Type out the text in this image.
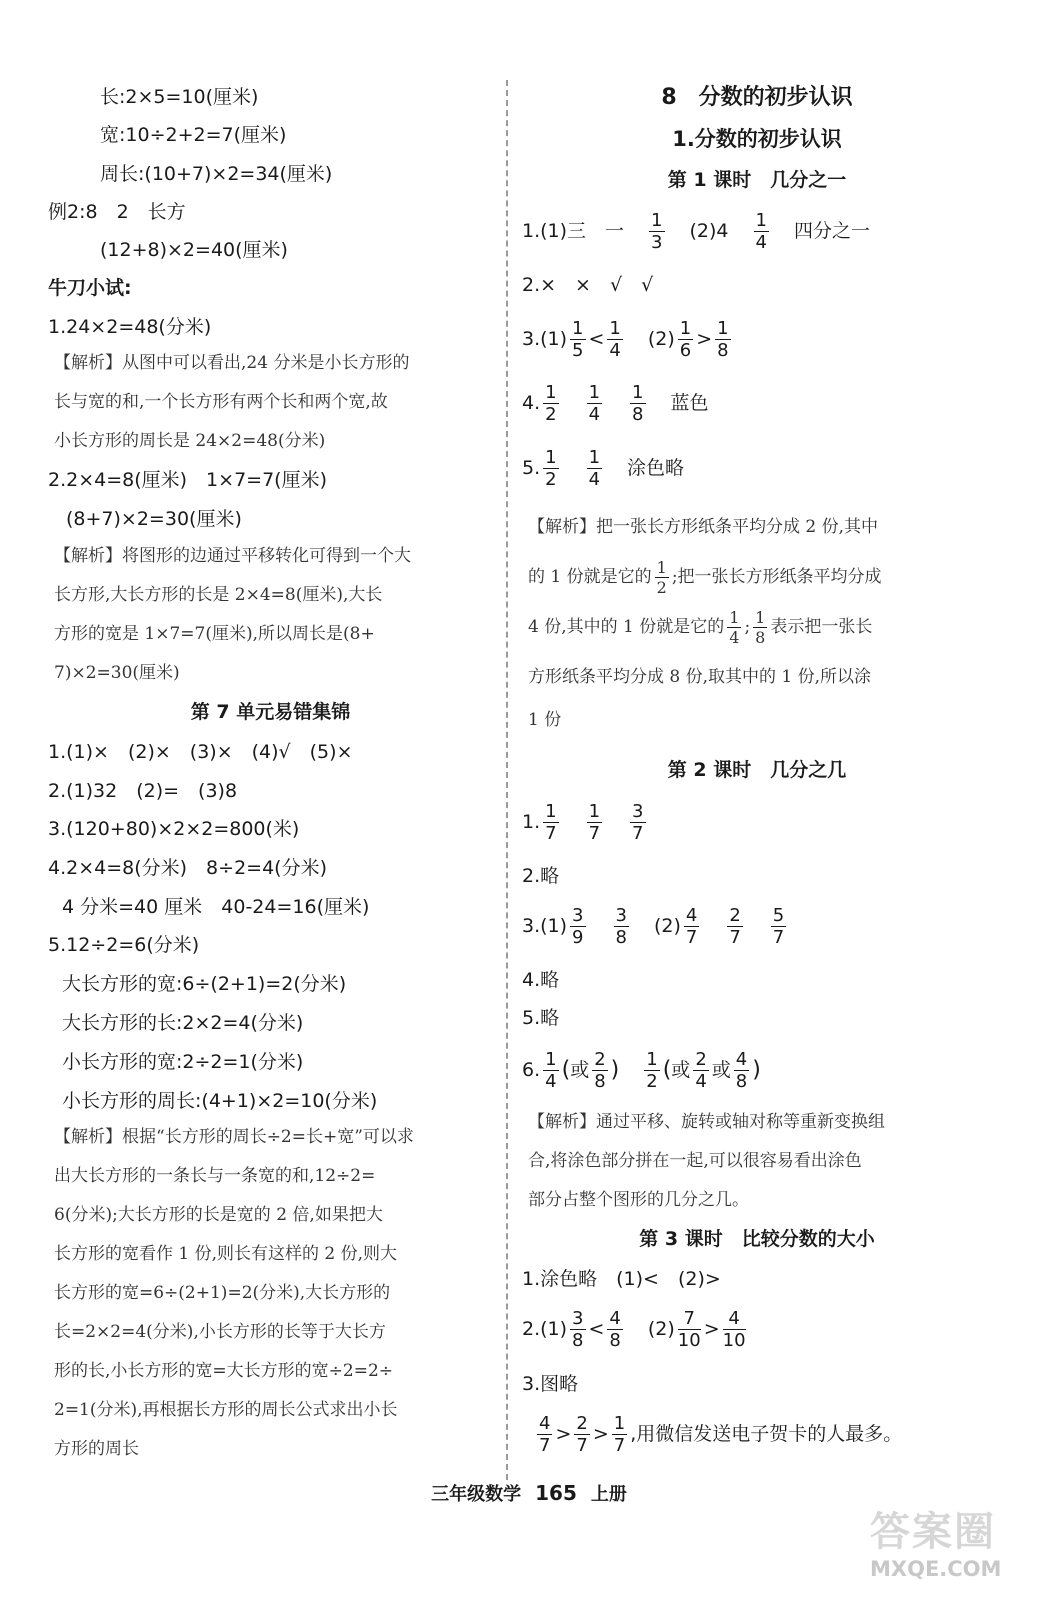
长:2×5=10(厘米)
宽:10÷2+2=7(厘米)
周长:(10+7)×2=34(厘米)
例2:8　2　长方
(12+8)×2=40(厘米)
牛刀小试:
1.24×2=48(分米)
【解析】从图中可以看出,24 分米是小长方形的
长与宽的和,一个长方形有两个长和两个宽,故
小长方形的周长是 24×2=48(分米)
2.2×4=8(厘米)　1×7=7(厘米)
(8+7)×2=30(厘米)
【解析】将图形的边通过平移转化可得到一个大
长方形,大长方形的长是 2×4=8(厘米),大长
方形的宽是 1×7=7(厘米),所以周长是(8+
7)×2=30(厘米)
第 7 单元易错集锦
1.(1)×　(2)×　(3)×　(4)√　(5)×
2.(1)32　(2)=　(3)8
3.(120+80)×2×2=800(米)
4.2×4=8(分米)　8÷2=4(分米)
4 分米=40 厘米　40-24=16(厘米)
5.12÷2=6(分米)
大长方形的宽:6÷(2+1)=2(分米)
大长方形的长:2×2=4(分米)
小长方形的宽:2÷2=1(分米)
小长方形的周长:(4+1)×2=10(分米)
【解析】根据“长方形的周长÷2=长+宽”可以求
出大长方形的一条长与一条宽的和,12÷2=
6(分米);大长方形的长是宽的 2 倍,如果把大
长方形的宽看作 1 份,则长有这样的 2 份,则大
长方形的宽=6÷(2+1)=2(分米),大长方形的
长=2×2=4(分米),小长方形的长等于大长方
形的长,小长方形的宽=大长方形的宽÷2=2÷
2=1(分米),再根据长方形的周长公式求出小长
方形的周长
8　分数的初步认识
1.分数的初步认识
第 1 课时　几分之一
1.(1)三　一 $\frac{1}{3} (2)4 \frac{1}{4}$ 四分之一
2.×　×　√　√
$3.(1) \frac{1}{5} < \frac{1}{4} (2) \frac{1}{6} > \frac{1}{8}$
4. $\frac{1}{2} \frac{1}{4} \frac{1}{8}$ 蓝色
5. $\frac{1}{2} \frac{1}{4}$ 涂色略
【解析】把一张长方形纸条平均分成 2 份,其中
的 1 份就是它的 $\frac{1}{2}$ ;把一张长方形纸条平均分成
4 份,其中的 1 份就是它的 $\frac{1}{4}$ ; $\frac{1}{8}$ 表示把一张长
方形纸条平均分成 8 份,取其中的 1 份,所以涂
1 份
第 2 课时　几分之几
1. $\frac{1}{7} \frac{1}{7} \frac{3}{7}$
2.略
$3.(1) \frac{3}{9} \frac{3}{8} (2) \frac{4}{7} \frac{2}{7} \frac{5}{7}$
4.略
5.略
6. $\frac{1}{4}$ (或 $\frac{2}{8}$ ) $\frac{1}{2}$ (或 $\frac{2}{4}$ 或 $\frac{4}{8}$ )
【解析】通过平移、旋转或轴对称等重新变换组
合,将涂色部分拼在一起,可以很容易看出涂色
部分占整个图形的几分之几。
第 3 课时　比较分数的大小
1.涂色略　(1)<　(2)>
$2.(1) \frac{3}{8} < \frac{4}{8} (2) \frac{7}{10} > \frac{4}{10}$
3.图略
$\frac{4}{7} > \frac{2}{7} > \frac{1}{7}$ ,用微信发送电子贺卡的人最多。
三年级数学 165 上册
答案圈
MXQE.COM
